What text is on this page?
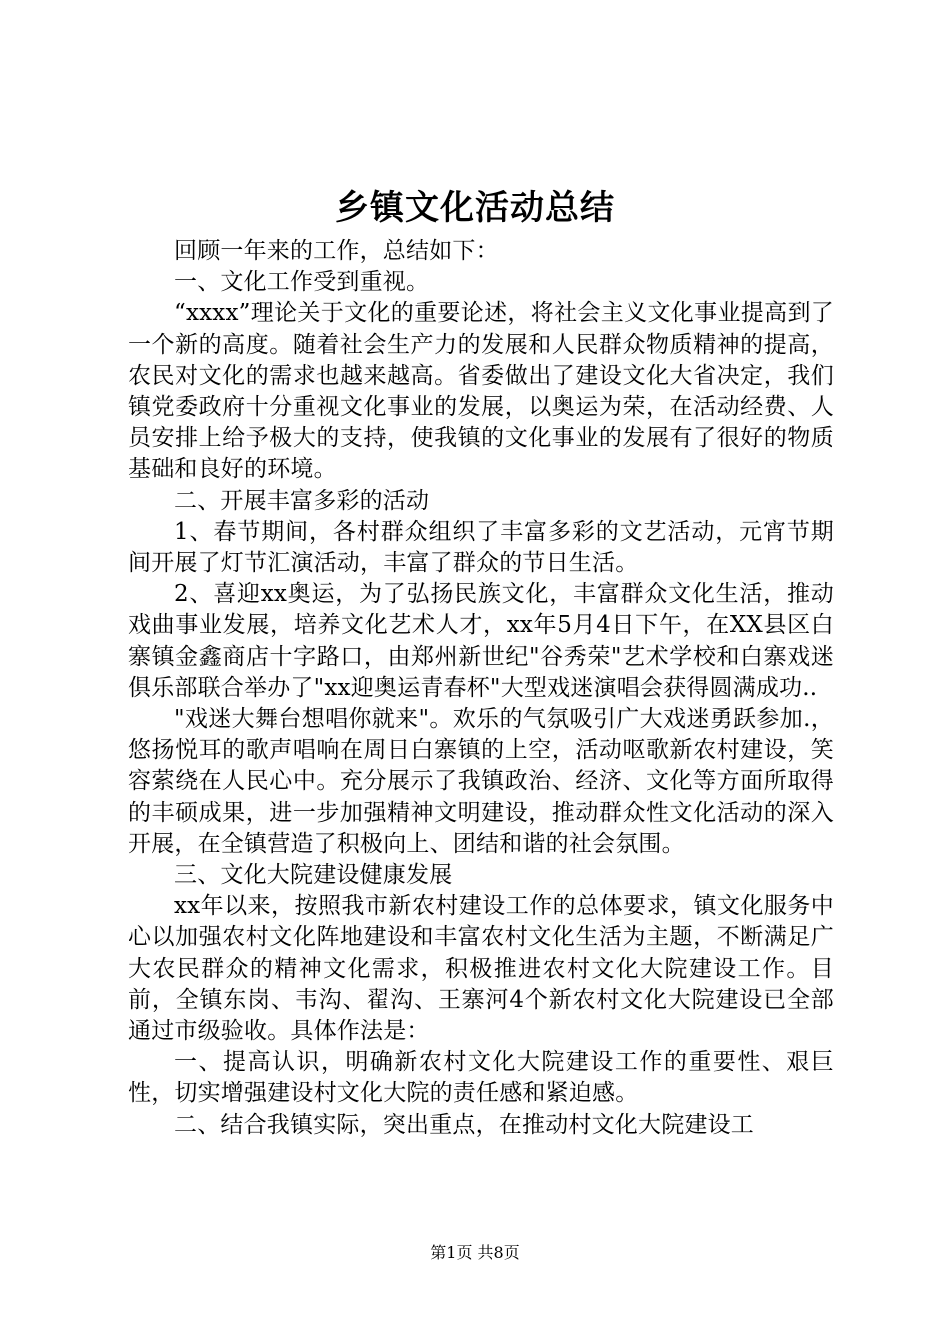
乡镇文化活动总结

回顾一年来的工作，总结如下：

一、文化工作受到重视。

“xxxx”理论关于文化的重要论述，将社会主义文化事业提高到了一个新的高度。随着社会生产力的发展和人民群众物质精神的提高，农民对文化的需求也越来越高。省委做出了建设文化大省决定，我们镇党委政府十分重视文化事业的发展，以奥运为荣，在活动经费、人员安排上给予极大的支持，使我镇的文化事业的发展有了很好的物质基础和良好的环境。

二、开展丰富多彩的活动

1、春节期间，各村群众组织了丰富多彩的文艺活动，元宵节期间开展了灯节汇演活动，丰富了群众的节日生活。

2、喜迎xx奥运，为了弘扬民族文化，丰富群众文化生活，推动戏曲事业发展，培养文化艺术人才，xx年5月4日下午，在XX县区白寨镇金鑫商店十字路口，由郑州新世纪"谷秀荣"艺术学校和白寨戏迷俱乐部联合举办了"xx迎奥运青春杯"大型戏迷演唱会获得圆满成功..

"戏迷大舞台想唱你就来"。欢乐的气氛吸引广大戏迷勇跃参加.，悠扬悦耳的歌声唱响在周日白寨镇的上空，活动呕歌新农村建设，笑容萦绕在人民心中。充分展示了我镇政治、经济、文化等方面所取得的丰硕成果，进一步加强精神文明建设，推动群众性文化活动的深入开展，在全镇营造了积极向上、团结和谐的社会氛围。

三、文化大院建设健康发展

xx年以来，按照我市新农村建设工作的总体要求，镇文化服务中心以加强农村文化阵地建设和丰富农村文化生活为主题，不断满足广大农民群众的精神文化需求，积极推进农村文化大院建设工作。目前，全镇东岗、韦沟、翟沟、王寨河4个新农村文化大院建设已全部通过市级验收。具体作法是：

一、提高认识，明确新农村文化大院建设工作的重要性、艰巨性，切实增强建设村文化大院的责任感和紧迫感。

二、结合我镇实际，突出重点，在推动村文化大院建设工

第1页 共8页
